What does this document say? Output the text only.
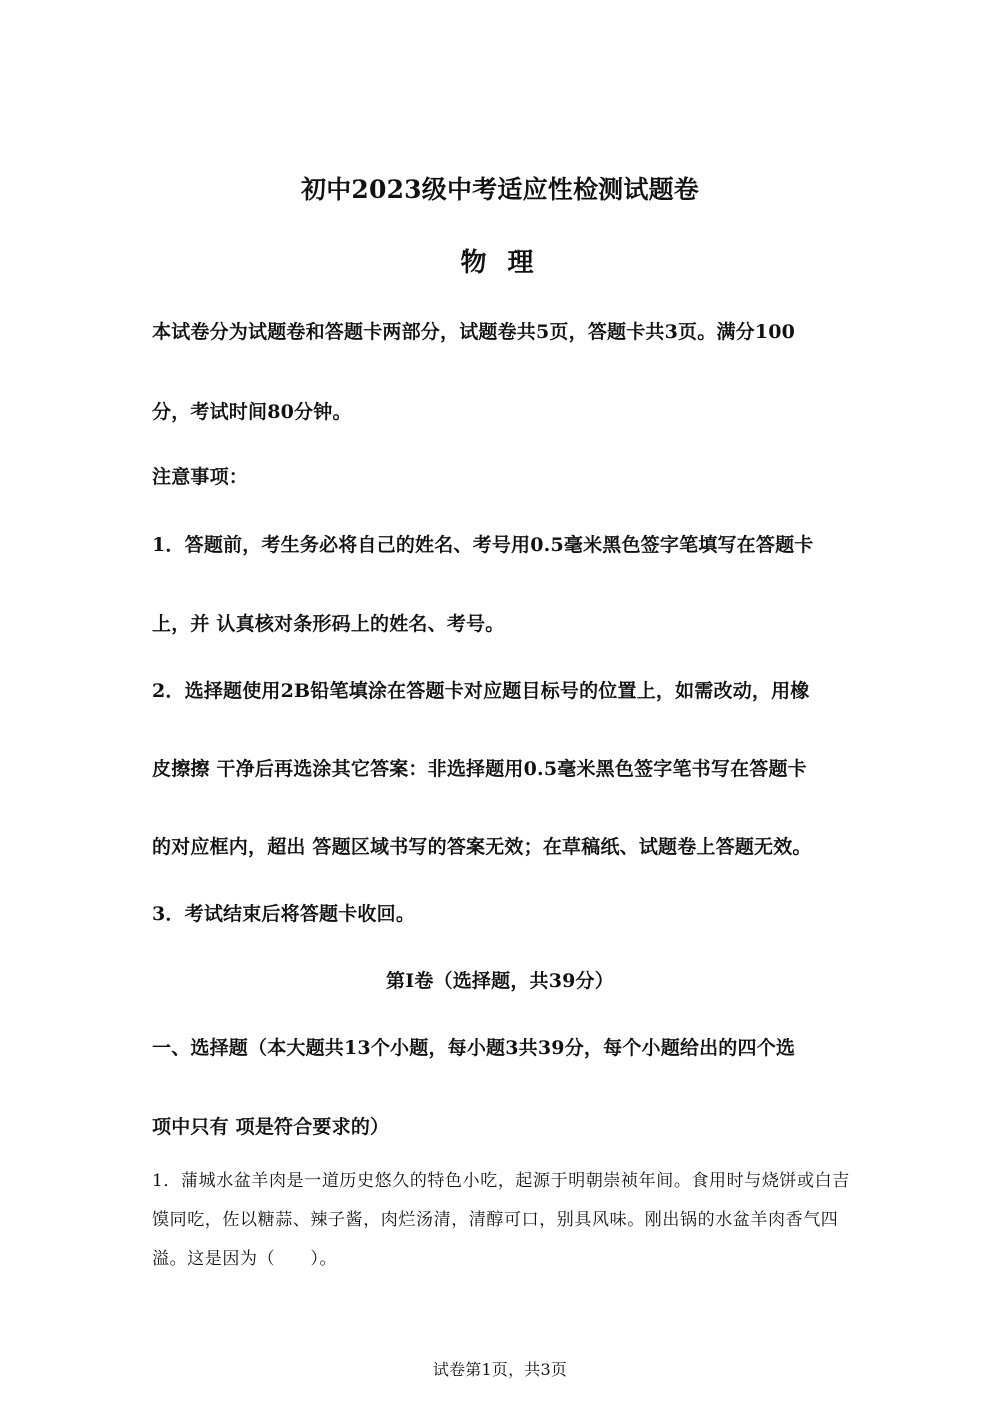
初中2023级中考适应性检测试题卷
物 理
本试卷分为试题卷和答题卡两部分，试题卷共5页，答题卡共3页。满分100
分，考试时间80分钟。
注意事项：
1．答题前，考生务必将自己的姓名、考号用0.5毫米黑色签字笔填写在答题卡
上，并 认真核对条形码上的姓名、考号。
2．选择题使用2B铅笔填涂在答题卡对应题目标号的位置上，如需改动，用橡
皮擦擦 干净后再选涂其它答案：非选择题用0.5毫米黑色签字笔书写在答题卡
的对应框内，超出 答题区域书写的答案无效；在草稿纸、试题卷上答题无效。
3．考试结束后将答题卡收回。
第I卷（选择题，共39分）
一、选择题（本大题共13个小题，每小题3共39分，每个小题给出的四个选
项中只有 项是符合要求的）
1．蒲城水盆羊肉是一道历史悠久的特色小吃，起源于明朝崇祯年间。食用时与烧饼或白吉
馍同吃，佐以糖蒜、辣子酱，肉烂汤清，清醇可口，别具风味。刚出锅的水盆羊肉香气四
溢。这是因为（　　）。
试卷第1页，共3页
